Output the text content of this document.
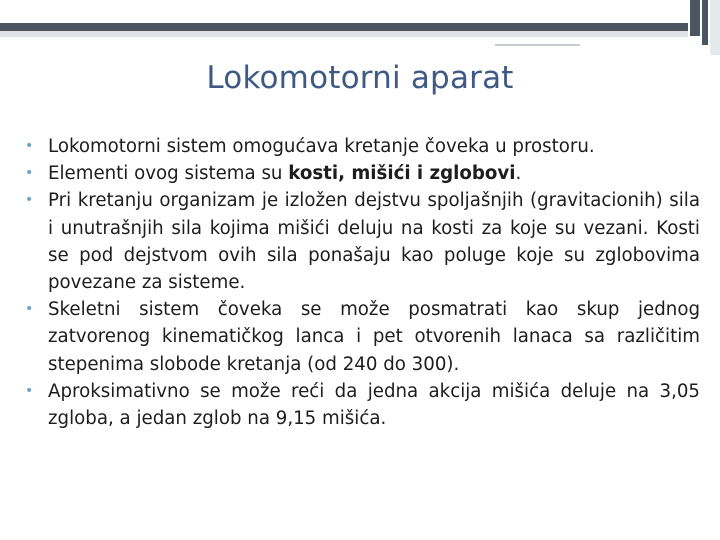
Lokomotorni aparat
• Lokomotorni sistem omogućava kretanje čoveka u prostoru.
• Elementi ovog sistema su kosti, mišići i zglobovi.
• Pri kretanju organizam je izložen dejstvu spoljašnjih (gravitacionih) sila i unutrašnjih sila kojima mišići deluju na kosti za koje su vezani. Kosti se pod dejstvom ovih sila ponašaju kao poluge koje su zglobovima povezane za sisteme.
• Skeletni sistem čoveka se može posmatrati kao skup jednog zatvorenog kinematičkog lanca i pet otvorenih lanaca sa različitim stepenima slobode kretanja (od 240 do 300).
• Aproksimativno se može reći da jedna akcija mišića deluje na 3,05 zgloba, a jedan zglob na 9,15 mišića.
